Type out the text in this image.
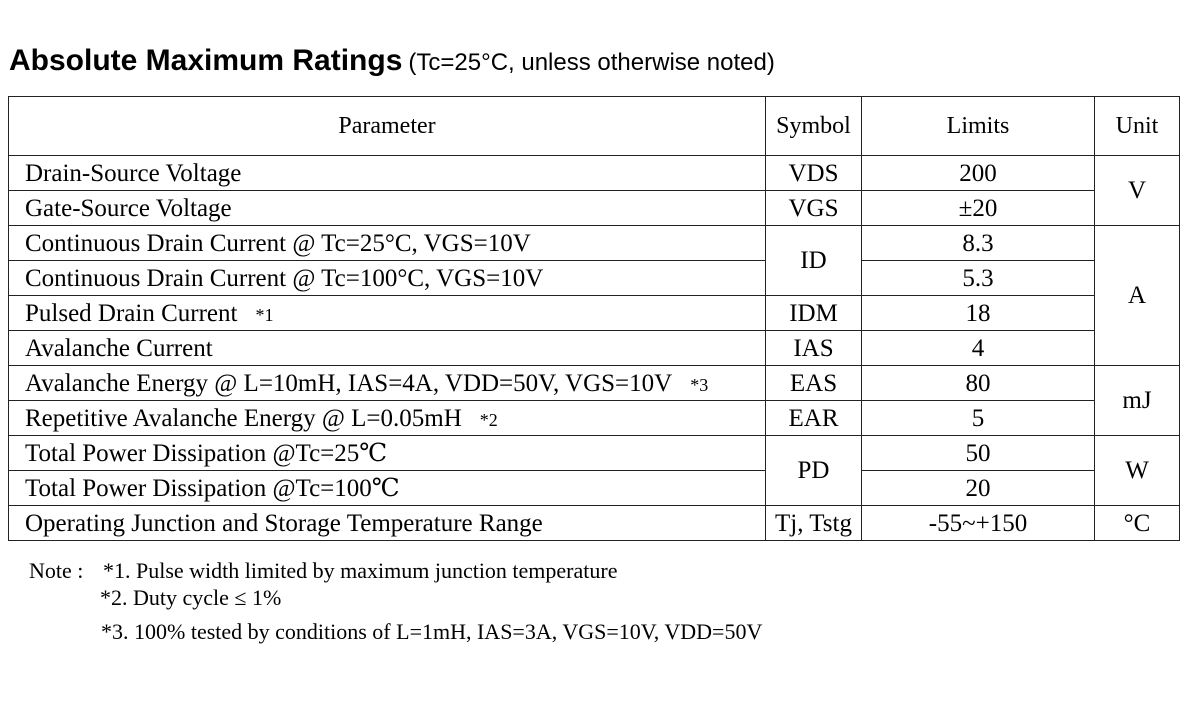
Absolute Maximum Ratings (Tc=25°C, unless otherwise noted)
Parameter	Symbol	Limits	Unit
Drain-Source Voltage	VDS	200	V
Gate-Source Voltage	VGS	±20	
Continuous Drain Current @ Tc=25°C, VGS=10V	ID	8.3	A
Continuous Drain Current @ Tc=100°C, VGS=10V		5.3	
Pulsed Drain Current *1	IDM	18	
Avalanche Current	IAS	4	
Avalanche Energy @ L=10mH, IAS=4A, VDD=50V, VGS=10V *3	EAS	80	mJ
Repetitive Avalanche Energy @ L=0.05mH *2	EAR	5	
Total Power Dissipation @Tc=25℃	PD	50	W
Total Power Dissipation @Tc=100℃		20	
Operating Junction and Storage Temperature Range	Tj, Tstg	-55~+150	°C
Note : *1. Pulse width limited by maximum junction temperature
*2. Duty cycle ≤ 1%
*3. 100% tested by conditions of L=1mH, IAS=3A, VGS=10V, VDD=50V
